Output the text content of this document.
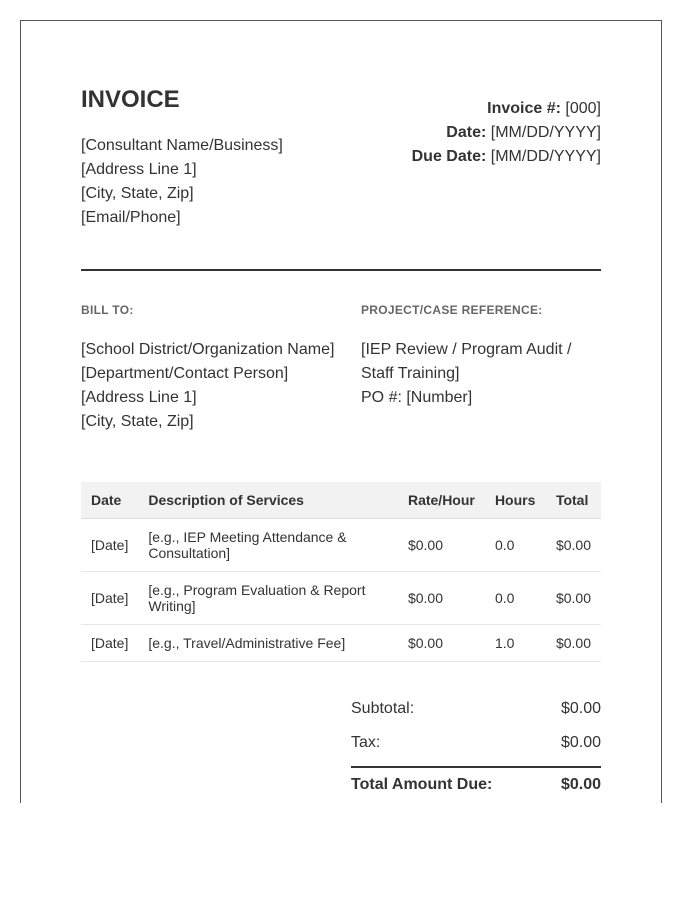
INVOICE
[Consultant Name/Business]
[Address Line 1]
[City, State, Zip]
[Email/Phone]
Invoice #: [000]
Date: [MM/DD/YYYY]
Due Date: [MM/DD/YYYY]
BILL TO:
[School District/Organization Name]
[Department/Contact Person]
[Address Line 1]
[City, State, Zip]
PROJECT/CASE REFERENCE:
[IEP Review / Program Audit / Staff Training]
PO #: [Number]
Date	Description of Services	Rate/Hour	Hours	Total
[Date]	[e.g., IEP Meeting Attendance & Consultation]	$0.00	0.0	$0.00
[Date]	[e.g., Program Evaluation & Report Writing]	$0.00	0.0	$0.00
[Date]	[e.g., Travel/Administrative Fee]	$0.00	1.0	$0.00
Subtotal:	$0.00
Tax:	$0.00
Total Amount Due:	$0.00
